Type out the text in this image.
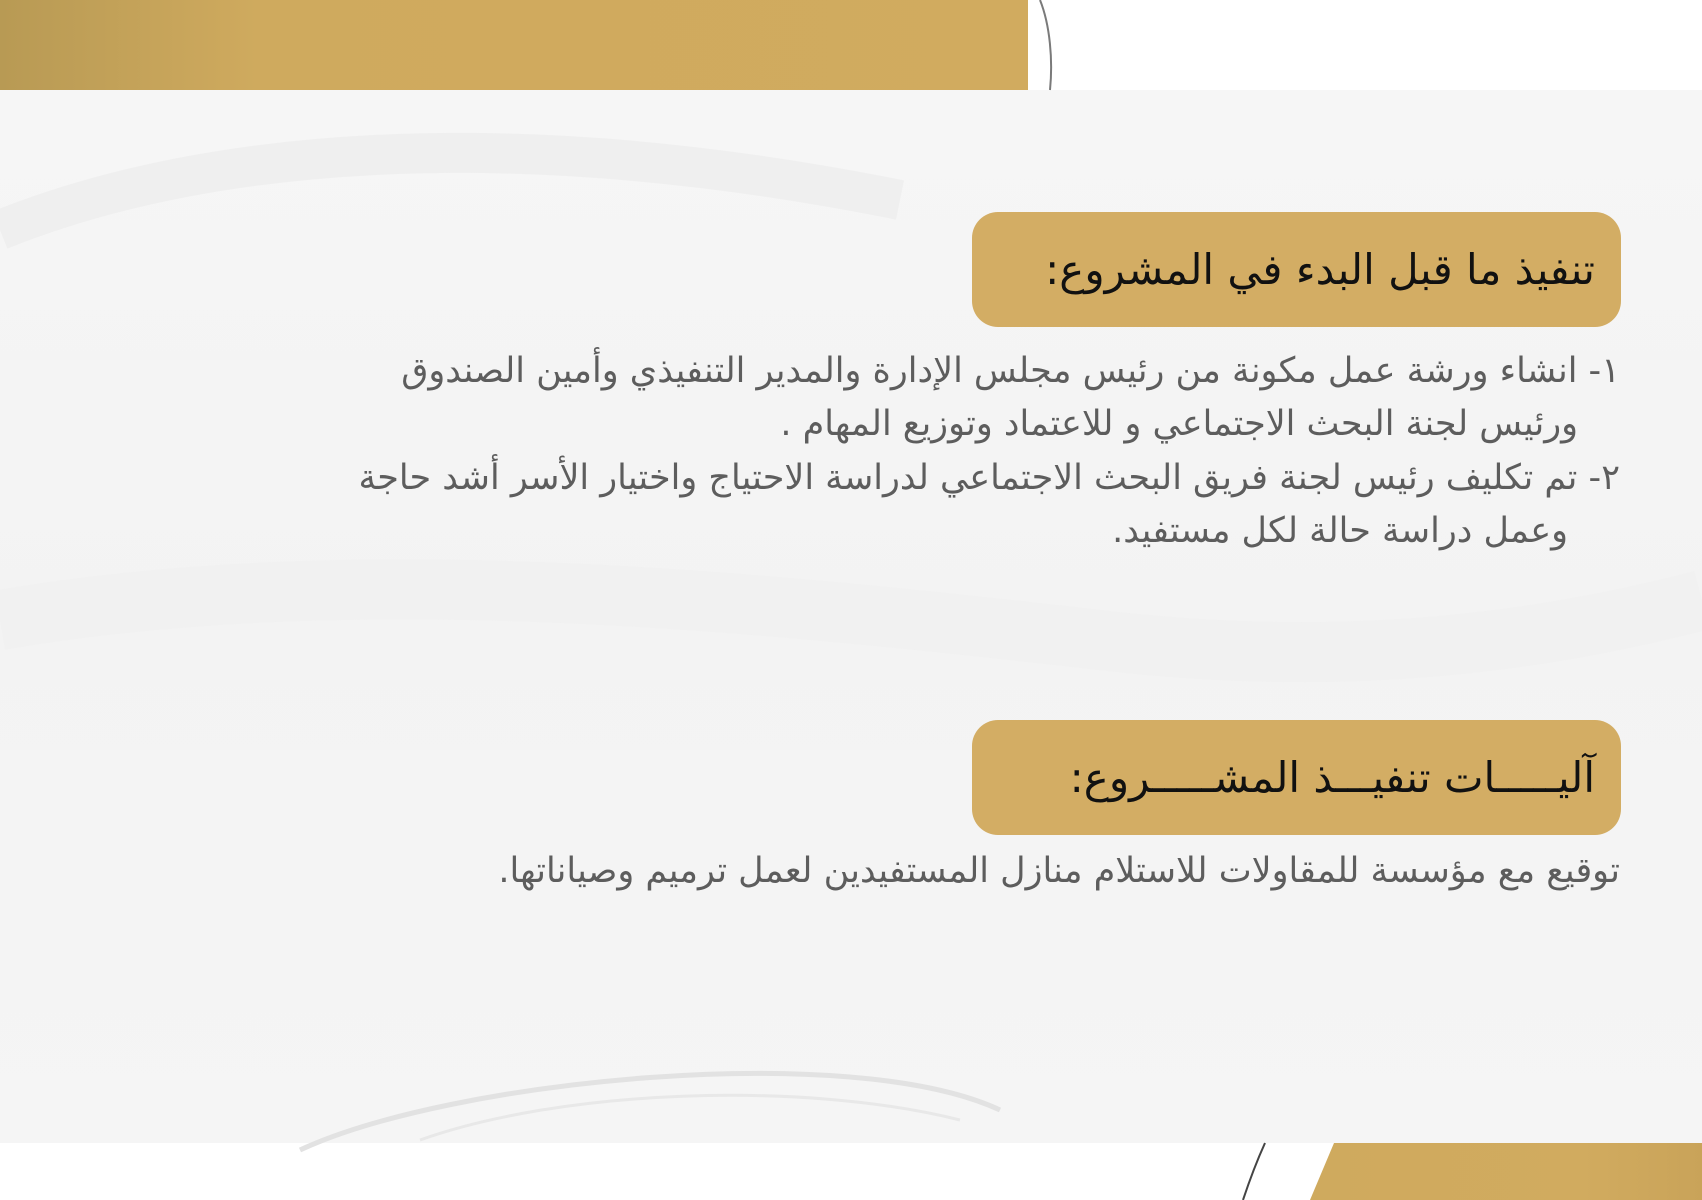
تنفيذ ما قبل البدء في المشروع:
١- انشاء ورشة عمل مكونة من رئيس مجلس الإدارة والمدير التنفيذي وأمين الصندوق
ورئيس لجنة البحث الاجتماعي و للاعتماد وتوزيع المهام .
٢- تم تكليف رئيس لجنة فريق البحث الاجتماعي لدراسة الاحتياج واختيار الأسر أشد حاجة
وعمل دراسة حالة لكل مستفيد.
آليـــــات تنفيـــذ المشـــــروع:
توقيع مع مؤسسة للمقاولات للاستلام منازل المستفيدين لعمل ترميم وصياناتها.
